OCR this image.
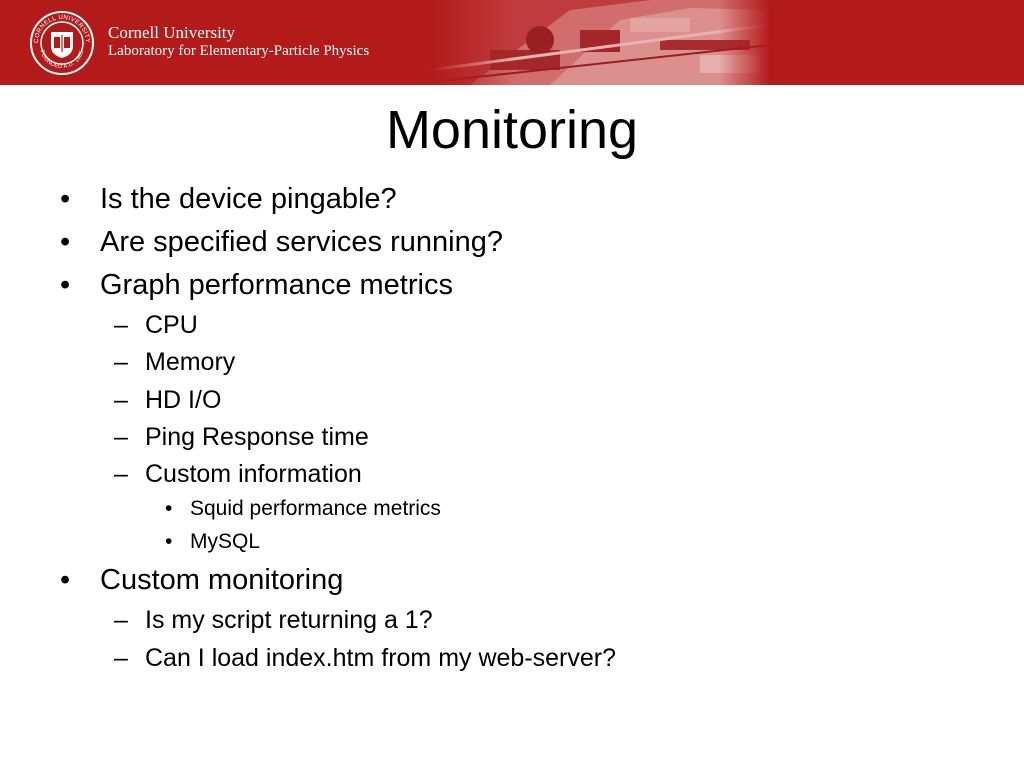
CORNELL UNIVERSITY
FOUNDED A.D. 1865
Cornell University
Laboratory for Elementary-Particle Physics
Monitoring
• Is the device pingable?
• Are specified services running?
• Graph performance metrics
– CPU
– Memory
– HD I/O
– Ping Response time
– Custom information
• Squid performance metrics
• MySQL
• Custom monitoring
– Is my script returning a 1?
– Can I load index.htm from my web-server?
